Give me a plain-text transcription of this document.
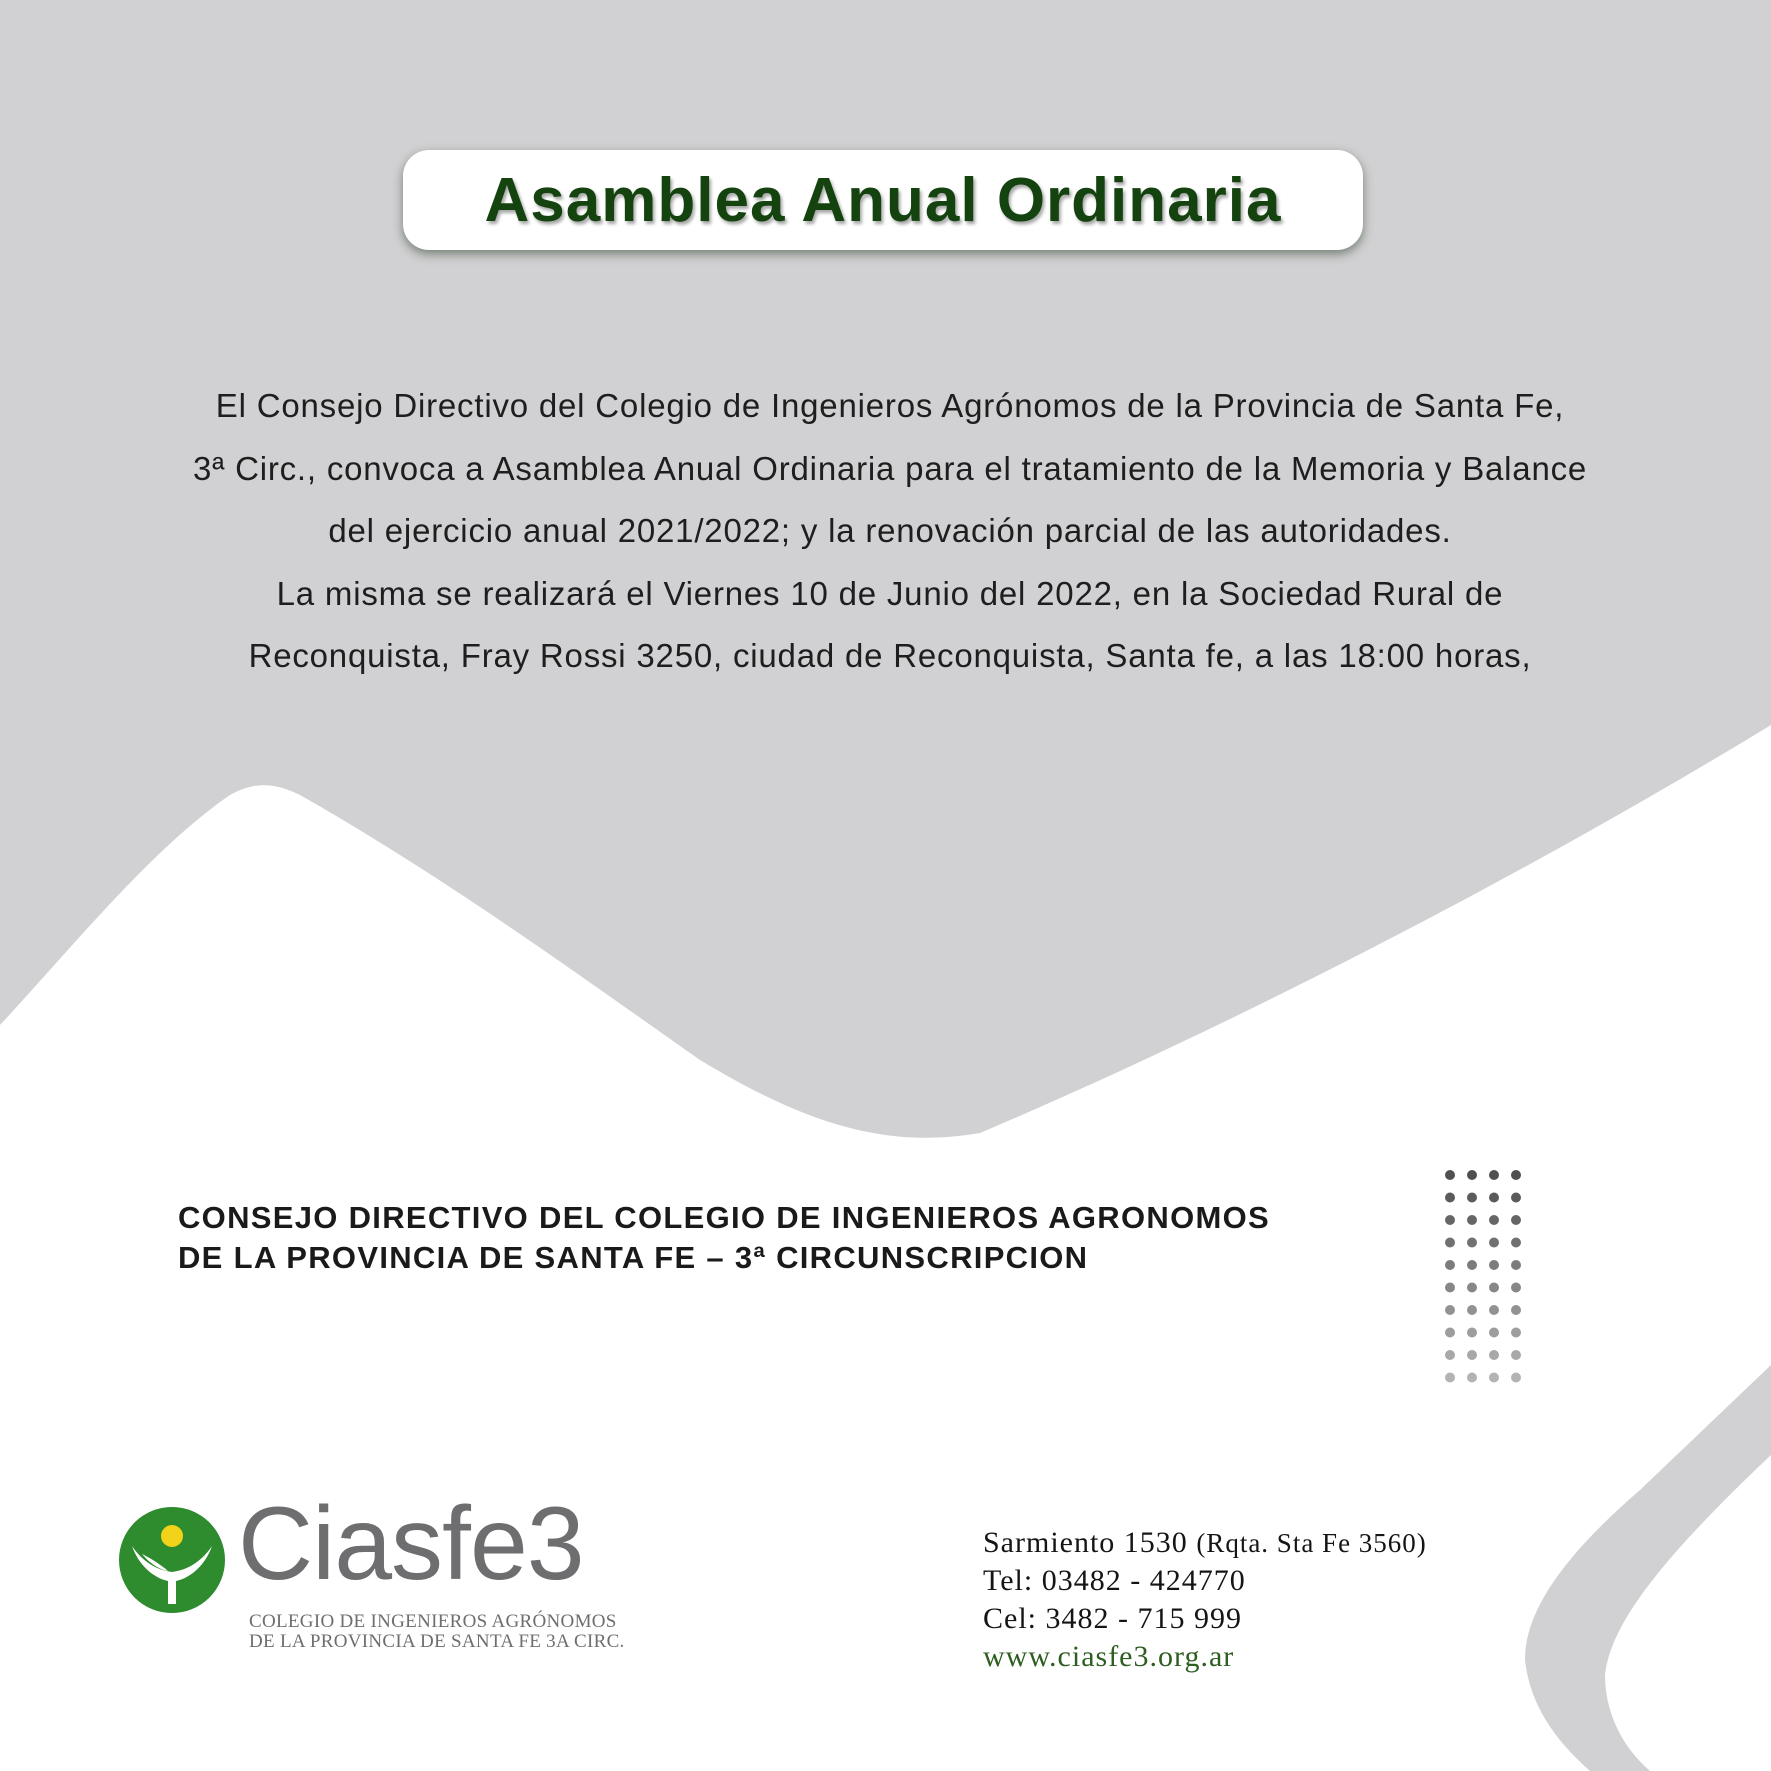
Asamblea Anual Ordinaria
El Consejo Directivo del Colegio de Ingenieros Agrónomos de la Provincia de Santa Fe,
3ª Circ., convoca a Asamblea Anual Ordinaria para el tratamiento de la Memoria y Balance
del ejercicio anual 2021/2022; y la renovación parcial de las autoridades.
La misma se realizará el Viernes 10 de Junio del 2022, en la Sociedad Rural de
Reconquista, Fray Rossi 3250, ciudad de Reconquista, Santa fe, a las 18:00 horas,
CONSEJO DIRECTIVO DEL COLEGIO DE INGENIEROS AGRONOMOS
DE LA PROVINCIA DE SANTA FE – 3ª CIRCUNSCRIPCION
Ciasfe3
COLEGIO DE INGENIEROS AGRÓNOMOS
DE LA PROVINCIA DE SANTA FE 3A CIRC.
Sarmiento 1530 (Rqta. Sta Fe 3560)
Tel: 03482 - 424770
Cel: 3482 - 715 999
www.ciasfe3.org.ar
